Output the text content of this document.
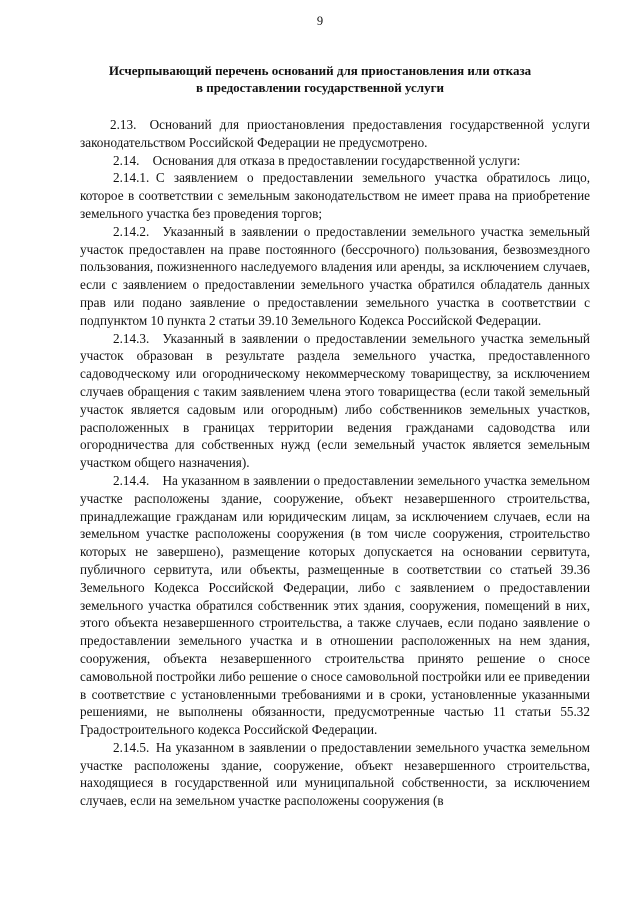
9
Исчерпывающий перечень оснований для приостановления или отказа
в предоставлении государственной услуги

2.13. Оснований для приостановления предоставления государственной услуги законодательством Российской Федерации не предусмотрено.

2.14. Основания для отказа в предоставлении государственной услуги:

2.14.1. С заявлением о предоставлении земельного участка обратилось лицо, которое в соответствии с земельным законодательством не имеет права на приобретение земельного участка без проведения торгов;

2.14.2. Указанный в заявлении о предоставлении земельного участка земельный участок предоставлен на праве постоянного (бессрочного) пользования, безвозмездного пользования, пожизненного наследуемого владения или аренды, за исключением случаев, если с заявлением о предоставлении земельного участка обратился обладатель данных прав или подано заявление о предоставлении земельного участка в соответствии с подпунктом 10 пункта 2 статьи 39.10 Земельного Кодекса Российской Федерации.

2.14.3. Указанный в заявлении о предоставлении земельного участка земельный участок образован в результате раздела земельного участка, предоставленного садоводческому или огородническому некоммерческому товариществу, за исключением случаев обращения с таким заявлением члена этого товарищества (если такой земельный участок является садовым или огородным) либо собственников земельных участков, расположенных в границах территории ведения гражданами садоводства или огородничества для собственных нужд (если земельный участок является земельным участком общего назначения).

2.14.4. На указанном в заявлении о предоставлении земельного участка земельном участке расположены здание, сооружение, объект незавершенного строительства, принадлежащие гражданам или юридическим лицам, за исключением случаев, если на земельном участке расположены сооружения (в том числе сооружения, строительство которых не завершено), размещение которых допускается на основании сервитута, публичного сервитута, или объекты, размещенные в соответствии со статьей 39.36 Земельного Кодекса Российской Федерации, либо с заявлением о предоставлении земельного участка обратился собственник этих здания, сооружения, помещений в них, этого объекта незавершенного строительства, а также случаев, если подано заявление о предоставлении земельного участка и в отношении расположенных на нем здания, сооружения, объекта незавершенного строительства принято решение о сносе самовольной постройки либо решение о сносе самовольной постройки или ее приведении в соответствие с установленными требованиями и в сроки, установленные указанными решениями, не выполнены обязанности, предусмотренные частью 11 статьи 55.32 Градостроительного кодекса Российской Федерации.

2.14.5. На указанном в заявлении о предоставлении земельного участка земельном участке расположены здание, сооружение, объект незавершенного строительства, находящиеся в государственной или муниципальной собственности, за исключением случаев, если на земельном участке расположены сооружения (в
